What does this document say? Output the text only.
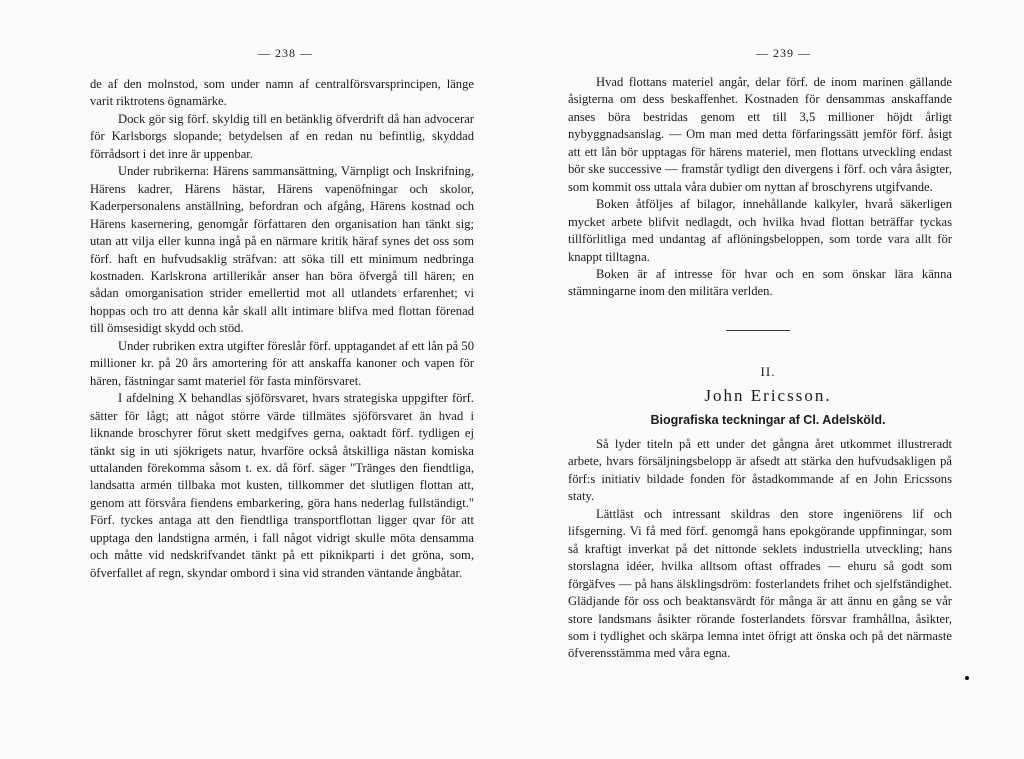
— 238 —

de af den molnstod, som under namn af centralförsvarsprincipen, länge varit riktrotens ögnamärke.

Dock gör sig förf. skyldig till en betänklig öfverdrift då han advocerar för Karlsborgs slopande; betydelsen af en redan nu befintlig, skyddad förrådsort i det inre är uppenbar.

Under rubrikerna: Härens sammansättning, Värnpligt och Inskrifning, Härens kadrer, Härens hästar, Härens vapenöfningar och skolor, Kaderpersonalens anställning, befordran och afgång, Härens kostnad och Härens kasernering, genomgår författaren den organisation han tänkt sig; utan att vilja eller kunna ingå på en närmare kritik häraf synes det oss som förf. haft en hufvudsaklig sträfvan: att söka till ett minimum nedbringa kostnaden. Karlskrona artillerikår anser han böra öfvergå till hären; en sådan omorganisation strider emellertid mot all utlandets erfarenhet; vi hoppas och tro att denna kår skall allt intimare blifva med flottan förenad till ömsesidigt skydd och stöd.

Under rubriken extra utgifter föreslår förf. upptagandet af ett lån på 50 millioner kr. på 20 års amortering för att anskaffa kanoner och vapen för hären, fästningar samt materiel för fasta minförsvaret.

I afdelning X behandlas sjöförsvaret, hvars strategiska uppgifter förf. sätter för lågt; att något större värde tillmätes sjöförsvaret än hvad i liknande broschyrer förut skett medgifves gerna, oaktadt förf. tydligen ej tänkt sig in uti sjökrigets natur, hvarföre också åtskilliga nästan komiska uttalanden förekomma såsom t. ex. då förf. säger "Tränges den fiendtliga, landsatta armén tillbaka mot kusten, tillkommer det slutligen flottan att, genom att försvåra fiendens embarkering, göra hans nederlag fullständigt." Förf. tyckes antaga att den fiendtliga transportflottan ligger qvar för att upptaga den landstigna armén, i fall något vidrigt skulle möta densamma och måtte vid nedskrifvandet tänkt på ett piknikparti i det gröna, som, öfverfallet af regn, skyndar ombord i sina vid stranden väntande ångbåtar.

— 239 —

Hvad flottans materiel angår, delar förf. de inom marinen gällande åsigterna om dess beskaffenhet. Kostnaden för densammas anskaffande anses böra bestridas genom ett till 3,5 millioner höjdt årligt nybyggnadsanslag. — Om man med detta förfaringssätt jemför förf. åsigt att ett lån bör upptagas för härens materiel, men flottans utveckling endast bör ske successive — framstår tydligt den divergens i förf. och våra åsigter, som kommit oss uttala våra dubier om nyttan af broschyrens utgifvande.

Boken åtföljes af bilagor, innehållande kalkyler, hvarå säkerligen mycket arbete blifvit nedlagdt, och hvilka hvad flottan beträffar tyckas tillförlitliga med undantag af aflöningsbeloppen, som torde vara allt för knappt tilltagna.

Boken är af intresse för hvar och en som önskar lära känna stämningarne inom den militära verlden.

II.
John Ericsson.
Biografiska teckningar af Cl. Adelsköld.

Så lyder titeln på ett under det gångna året utkommet illustreradt arbete, hvars försäljningsbelopp är afsedt att stärka den hufvudsakligen på förf:s initiativ bildade fonden för åstadkommande af en John Ericssons staty.

Lättläst och intressant skildras den store ingeniörens lif och lifsgerning. Vi få med förf. genomgå hans epokgörande uppfinningar, som så kraftigt inverkat på det nittonde seklets industriella utveckling; hans storslagna idéer, hvilka alltsom oftast offrades — ehuru så godt som förgäfves — på hans älsklingsdröm: fosterlandets frihet och sjelfständighet. Glädjande för oss och beaktansvärdt för många är att ännu en gång se vår store landsmans åsikter rörande fosterlandets försvar framhållna, åsikter, som i tydlighet och skärpa lemna intet öfrigt att önska och på det närmaste öfverensstämma med våra egna.
